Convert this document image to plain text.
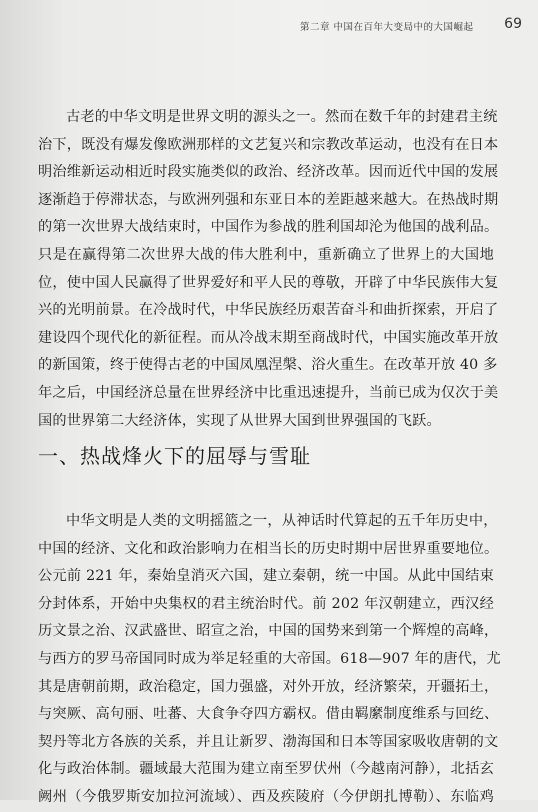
第二章 中国在百年大变局中的大国崛起 69

古老的中华文明是世界文明的源头之一。然而在数千年的封建君主统
治下，既没有爆发像欧洲那样的文艺复兴和宗教改革运动，也没有在日本
明治维新运动相近时段实施类似的政治、经济改革。因而近代中国的发展
逐渐趋于停滞状态，与欧洲列强和东亚日本的差距越来越大。在热战时期
的第一次世界大战结束时，中国作为参战的胜利国却沦为他国的战利品。
只是在赢得第二次世界大战的伟大胜利中，重新确立了世界上的大国地
位，使中国人民赢得了世界爱好和平人民的尊敬，开辟了中华民族伟大复
兴的光明前景。在冷战时代，中华民族经历艰苦奋斗和曲折探索，开启了
建设四个现代化的新征程。而从冷战末期至商战时代，中国实施改革开放
的新国策，终于使得古老的中国凤凰涅槃、浴火重生。在改革开放 40 多
年之后，中国经济总量在世界经济中比重迅速提升，当前已成为仅次于美
国的世界第二大经济体，实现了从世界大国到世界强国的飞跃。

一、热战烽火下的屈辱与雪耻

中华文明是人类的文明摇篮之一，从神话时代算起的五千年历史中，
中国的经济、文化和政治影响力在相当长的历史时期中居世界重要地位。
公元前 221 年，秦始皇消灭六国，建立秦朝，统一中国。从此中国结束
分封体系，开始中央集权的君主统治时代。前 202 年汉朝建立，西汉经
历文景之治、汉武盛世、昭宣之治，中国的国势来到第一个辉煌的高峰，
与西方的罗马帝国同时成为举足轻重的大帝国。618—907 年的唐代，尤
其是唐朝前期，政治稳定，国力强盛，对外开放，经济繁荣，开疆拓土，
与突厥、高句丽、吐蕃、大食争夺四方霸权。借由羁縻制度维系与回纥、
契丹等北方各族的关系，并且让新罗、渤海国和日本等国家吸收唐朝的文
化与政治体制。疆域最大范围为建立南至罗伏州（今越南河静），北括玄
阙州（今俄罗斯安加拉河流域）、西及疾陵府（今伊朗扎博勒）、东临鸡
